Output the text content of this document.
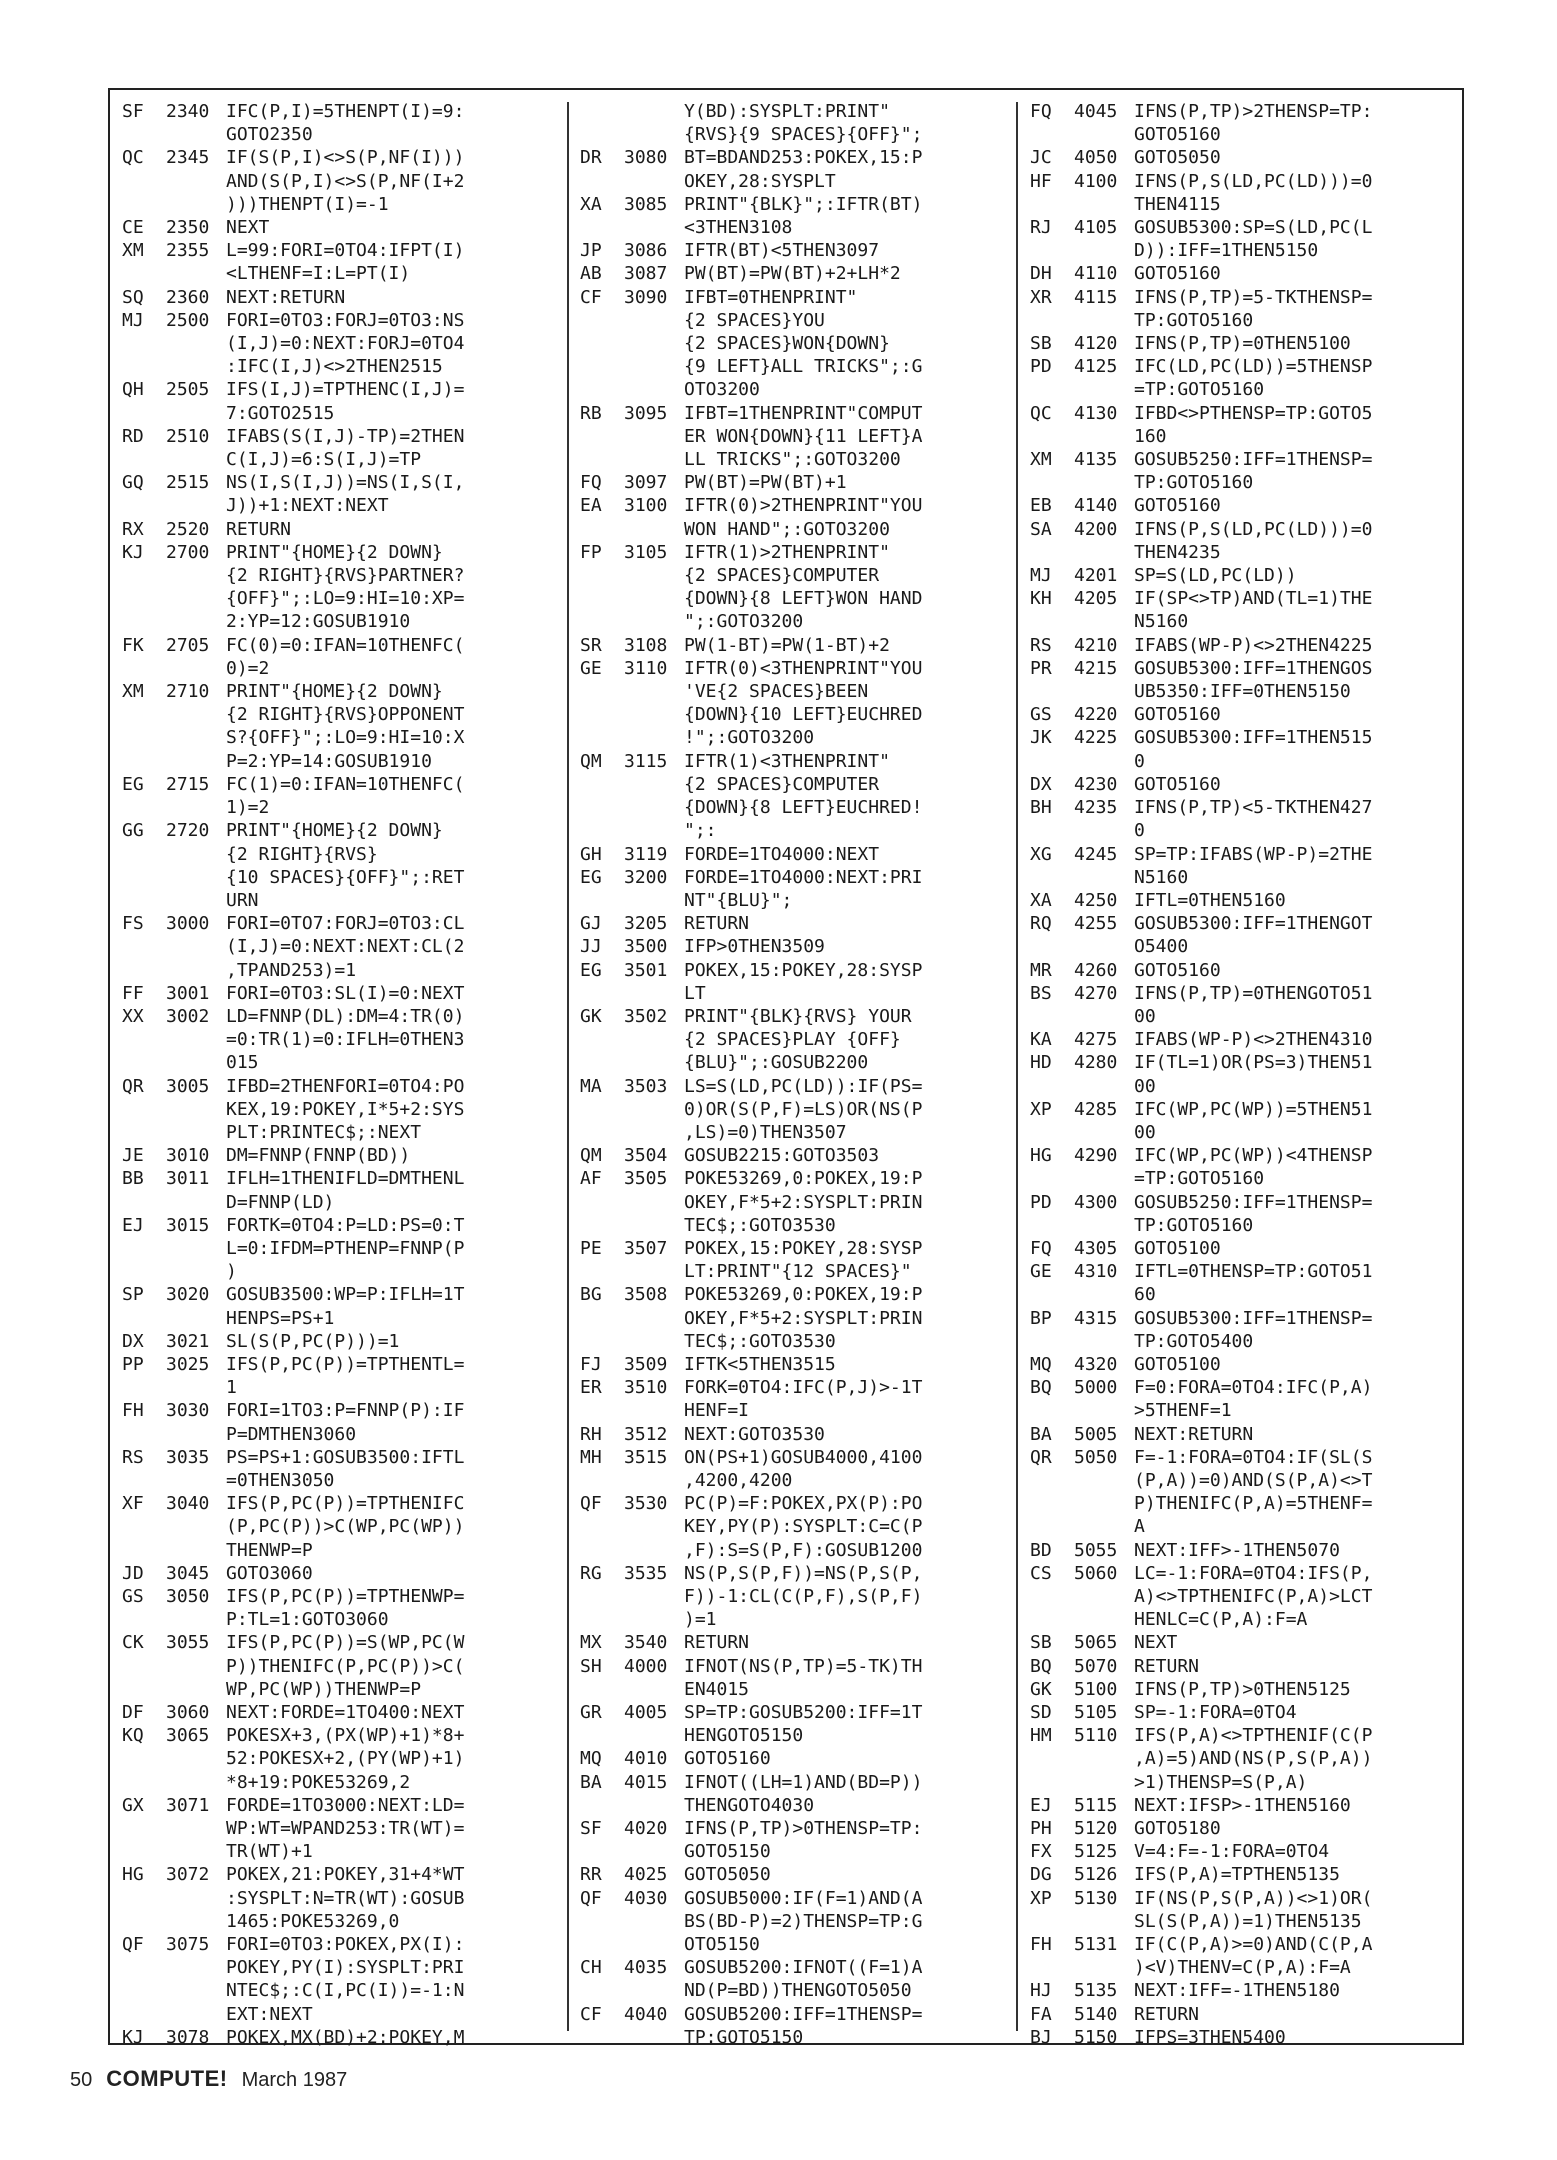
SF	2340 IFC(P,I)=5THENPT(I)=9:
GOTO2350
QC	2345 IF(S(P,I)<>S(P,NF(I)))
AND(S(P,I)<>S(P,NF(I+2
)))THENPT(I)=-1
CE	2350 NEXT
XM	2355 L=99:FORI=0TO4:IFPT(I)
<LTHENF=I:L=PT(I)
SQ	2360 NEXT:RETURN
MJ	2500 FORI=0TO3:FORJ=0TO3:NS
(I,J)=0:NEXT:FORJ=0TO4
:IFC(I,J)<>2THEN2515
QH	2505 IFS(I,J)=TPTHENC(I,J)=
7:GOTO2515
RD	2510 IFABS(S(I,J)-TP)=2THEN
C(I,J)=6:S(I,J)=TP
GQ	2515 NS(I,S(I,J))=NS(I,S(I,
J))+1:NEXT:NEXT
RX	2520 RETURN
KJ	2700 PRINT"{HOME}{2 DOWN}
{2 RIGHT}{RVS}PARTNER?
{OFF}";:LO=9:HI=10:XP=
2:YP=12:GOSUB1910
FK	2705 FC(0)=0:IFAN=10THENFC(
0)=2
XM	2710 PRINT"{HOME}{2 DOWN}
{2 RIGHT}{RVS}OPPONENT
S?{OFF}";:LO=9:HI=10:X
P=2:YP=14:GOSUB1910
EG	2715 FC(1)=0:IFAN=10THENFC(
1)=2
GG	2720 PRINT"{HOME}{2 DOWN}
{2 RIGHT}{RVS}
{10 SPACES}{OFF}";:RET
URN
FS	3000 FORI=0TO7:FORJ=0TO3:CL
(I,J)=0:NEXT:NEXT:CL(2
,TPAND253)=1
FF	3001 FORI=0TO3:SL(I)=0:NEXT
XX	3002 LD=FNNP(DL):DM=4:TR(0)
=0:TR(1)=0:IFLH=0THEN3
015
QR	3005 IFBD=2THENFORI=0TO4:PO
KEX,19:POKEY,I*5+2:SYS
PLT:PRINTEC$;:NEXT
JE	3010 DM=FNNP(FNNP(BD))
BB	3011 IFLH=1THENIFLD=DMTHENL
D=FNNP(LD)
EJ	3015 FORTK=0TO4:P=LD:PS=0:T
L=0:IFDM=PTHENP=FNNP(P
)
SP	3020 GOSUB3500:WP=P:IFLH=1T
HENPS=PS+1
DX	3021 SL(S(P,PC(P)))=1
PP	3025 IFS(P,PC(P))=TPTHENTL=
1
FH	3030 FORI=1TO3:P=FNNP(P):IF
P=DMTHEN3060
RS	3035 PS=PS+1:GOSUB3500:IFTL
=0THEN3050
XF	3040 IFS(P,PC(P))=TPTHENIFC
(P,PC(P))>C(WP,PC(WP))
THENWP=P
JD	3045 GOTO3060
GS	3050 IFS(P,PC(P))=TPTHENWP=
P:TL=1:GOTO3060
CK	3055 IFS(P,PC(P))=S(WP,PC(W
P))THENIFC(P,PC(P))>C(
WP,PC(WP))THENWP=P
DF	3060 NEXT:FORDE=1TO400:NEXT
KQ	3065 POKESX+3,(PX(WP)+1)*8+
52:POKESX+2,(PY(WP)+1)
*8+19:POKE53269,2
GX	3071 FORDE=1TO3000:NEXT:LD=
WP:WT=WPAND253:TR(WT)=
TR(WT)+1
HG	3072 POKEX,21:POKEY,31+4*WT
:SYSPLT:N=TR(WT):GOSUB
1465:POKE53269,0
QF	3075 FORI=0TO3:POKEX,PX(I):
POKEY,PY(I):SYSPLT:PRI
NTEC$;:C(I,PC(I))=-1:N
EXT:NEXT
KJ	3078 POKEX,MX(BD)+2:POKEY,M
Y(BD):SYSPLT:PRINT"
{RVS}{9 SPACES}{OFF}";
DR	3080 BT=BDAND253:POKEX,15:P
OKEY,28:SYSPLT
XA	3085 PRINT"{BLK}";:IFTR(BT)
<3THEN3108
JP	3086 IFTR(BT)<5THEN3097
AB	3087 PW(BT)=PW(BT)+2+LH*2
CF	3090 IFBT=0THENPRINT"
{2 SPACES}YOU
{2 SPACES}WON{DOWN}
{9 LEFT}ALL TRICKS";:G
OTO3200
RB	3095 IFBT=1THENPRINT"COMPUT
ER WON{DOWN}{11 LEFT}A
LL TRICKS";:GOTO3200
FQ	3097 PW(BT)=PW(BT)+1
EA	3100 IFTR(0)>2THENPRINT"YOU
WON HAND";:GOTO3200
FP	3105 IFTR(1)>2THENPRINT"
{2 SPACES}COMPUTER
{DOWN}{8 LEFT}WON HAND
";:GOTO3200
SR	3108 PW(1-BT)=PW(1-BT)+2
GE	3110 IFTR(0)<3THENPRINT"YOU
'VE{2 SPACES}BEEN
{DOWN}{10 LEFT}EUCHRED
!";:GOTO3200
QM	3115 IFTR(1)<3THENPRINT"
{2 SPACES}COMPUTER
{DOWN}{8 LEFT}EUCHRED!
";:
GH	3119 FORDE=1TO4000:NEXT
EG	3200 FORDE=1TO4000:NEXT:PRI
NT"{BLU}";
GJ	3205 RETURN
JJ	3500 IFP>0THEN3509
EG	3501 POKEX,15:POKEY,28:SYSP
LT
GK	3502 PRINT"{BLK}{RVS} YOUR
{2 SPACES}PLAY {OFF}
{BLU}";:GOSUB2200
MA	3503 LS=S(LD,PC(LD)):IF(PS=
0)OR(S(P,F)=LS)OR(NS(P
,LS)=0)THEN3507
QM	3504 GOSUB2215:GOTO3503
AF	3505 POKE53269,0:POKEX,19:P
OKEY,F*5+2:SYSPLT:PRIN
TEC$;:GOTO3530
PE	3507 POKEX,15:POKEY,28:SYSP
LT:PRINT"{12 SPACES}"
BG	3508 POKE53269,0:POKEX,19:P
OKEY,F*5+2:SYSPLT:PRIN
TEC$;:GOTO3530
FJ	3509 IFTK<5THEN3515
ER	3510 FORK=0TO4:IFC(P,J)>-1T
HENF=I
RH	3512 NEXT:GOTO3530
MH	3515 ON(PS+1)GOSUB4000,4100
,4200,4200
QF	3530 PC(P)=F:POKEX,PX(P):PO
KEY,PY(P):SYSPLT:C=C(P
,F):S=S(P,F):GOSUB1200
RG	3535 NS(P,S(P,F))=NS(P,S(P,
F))-1:CL(C(P,F),S(P,F)
)=1
MX	3540 RETURN
SH	4000 IFNOT(NS(P,TP)=5-TK)TH
EN4015
GR	4005 SP=TP:GOSUB5200:IFF=1T
HENGOTO5150
MQ	4010 GOTO5160
BA	4015 IFNOT((LH=1)AND(BD=P))
THENGOTO4030
SF	4020 IFNS(P,TP)>0THENSP=TP:
GOTO5150
RR	4025 GOTO5050
QF	4030 GOSUB5000:IF(F=1)AND(A
BS(BD-P)=2)THENSP=TP:G
OTO5150
CH	4035 GOSUB5200:IFNOT((F=1)A
ND(P=BD))THENGOTO5050
CF	4040 GOSUB5200:IFF=1THENSP=
TP:GOTO5150
FQ	4045 IFNS(P,TP)>2THENSP=TP:
GOTO5160
JC	4050 GOTO5050
HF	4100 IFNS(P,S(LD,PC(LD)))=0
THEN4115
RJ	4105 GOSUB5300:SP=S(LD,PC(L
D)):IFF=1THEN5150
DH	4110 GOTO5160
XR	4115 IFNS(P,TP)=5-TKTHENSP=
TP:GOTO5160
SB	4120 IFNS(P,TP)=0THEN5100
PD	4125 IFC(LD,PC(LD))=5THENSP
=TP:GOTO5160
QC	4130 IFBD<>PTHENSP=TP:GOTO5
160
XM	4135 GOSUB5250:IFF=1THENSP=
TP:GOTO5160
EB	4140 GOTO5160
SA	4200 IFNS(P,S(LD,PC(LD)))=0
THEN4235
MJ	4201 SP=S(LD,PC(LD))
KH	4205 IF(SP<>TP)AND(TL=1)THE
N5160
RS	4210 IFABS(WP-P)<>2THEN4225
PR	4215 GOSUB5300:IFF=1THENGOS
UB5350:IFF=0THEN5150
GS	4220 GOTO5160
JK	4225 GOSUB5300:IFF=1THEN515
0
DX	4230 GOTO5160
BH	4235 IFNS(P,TP)<5-TKTHEN427
0
XG	4245 SP=TP:IFABS(WP-P)=2THE
N5160
XA	4250 IFTL=0THEN5160
RQ	4255 GOSUB5300:IFF=1THENGOT
O5400
MR	4260 GOTO5160
BS	4270 IFNS(P,TP)=0THENGOTO51
00
KA	4275 IFABS(WP-P)<>2THEN4310
HD	4280 IF(TL=1)OR(PS=3)THEN51
00
XP	4285 IFC(WP,PC(WP))=5THEN51
00
HG	4290 IFC(WP,PC(WP))<4THENSP
=TP:GOTO5160
PD	4300 GOSUB5250:IFF=1THENSP=
TP:GOTO5160
FQ	4305 GOTO5100
GE	4310 IFTL=0THENSP=TP:GOTO51
60
BP	4315 GOSUB5300:IFF=1THENSP=
TP:GOTO5400
MQ	4320 GOTO5100
BQ	5000 F=0:FORA=0TO4:IFC(P,A)
>5THENF=1
BA	5005 NEXT:RETURN
QR	5050 F=-1:FORA=0TO4:IF(SL(S
(P,A))=0)AND(S(P,A)<>T
P)THENIFC(P,A)=5THENF=
A
BD	5055 NEXT:IFF>-1THEN5070
CS	5060 LC=-1:FORA=0TO4:IFS(P,
A)<>TPTHENIFC(P,A)>LCT
HENLC=C(P,A):F=A
SB	5065 NEXT
BQ	5070 RETURN
GK	5100 IFNS(P,TP)>0THEN5125
SD	5105 SP=-1:FORA=0TO4
HM	5110 IFS(P,A)<>TPTHENIF(C(P
,A)=5)AND(NS(P,S(P,A))
>1)THENSP=S(P,A)
EJ	5115 NEXT:IFSP>-1THEN5160
PH	5120 GOTO5180
FX	5125 V=4:F=-1:FORA=0TO4
DG	5126 IFS(P,A)=TPTHEN5135
XP	5130 IF(NS(P,S(P,A))<>1)OR(
SL(S(P,A))=1)THEN5135
FH	5131 IF(C(P,A)>=0)AND(C(P,A
)<V)THENV=C(P,A):F=A
HJ	5135 NEXT:IFF=-1THEN5180
FA	5140 RETURN
BJ	5150 IFPS=3THEN5400
50 COMPUTE! March 1987
